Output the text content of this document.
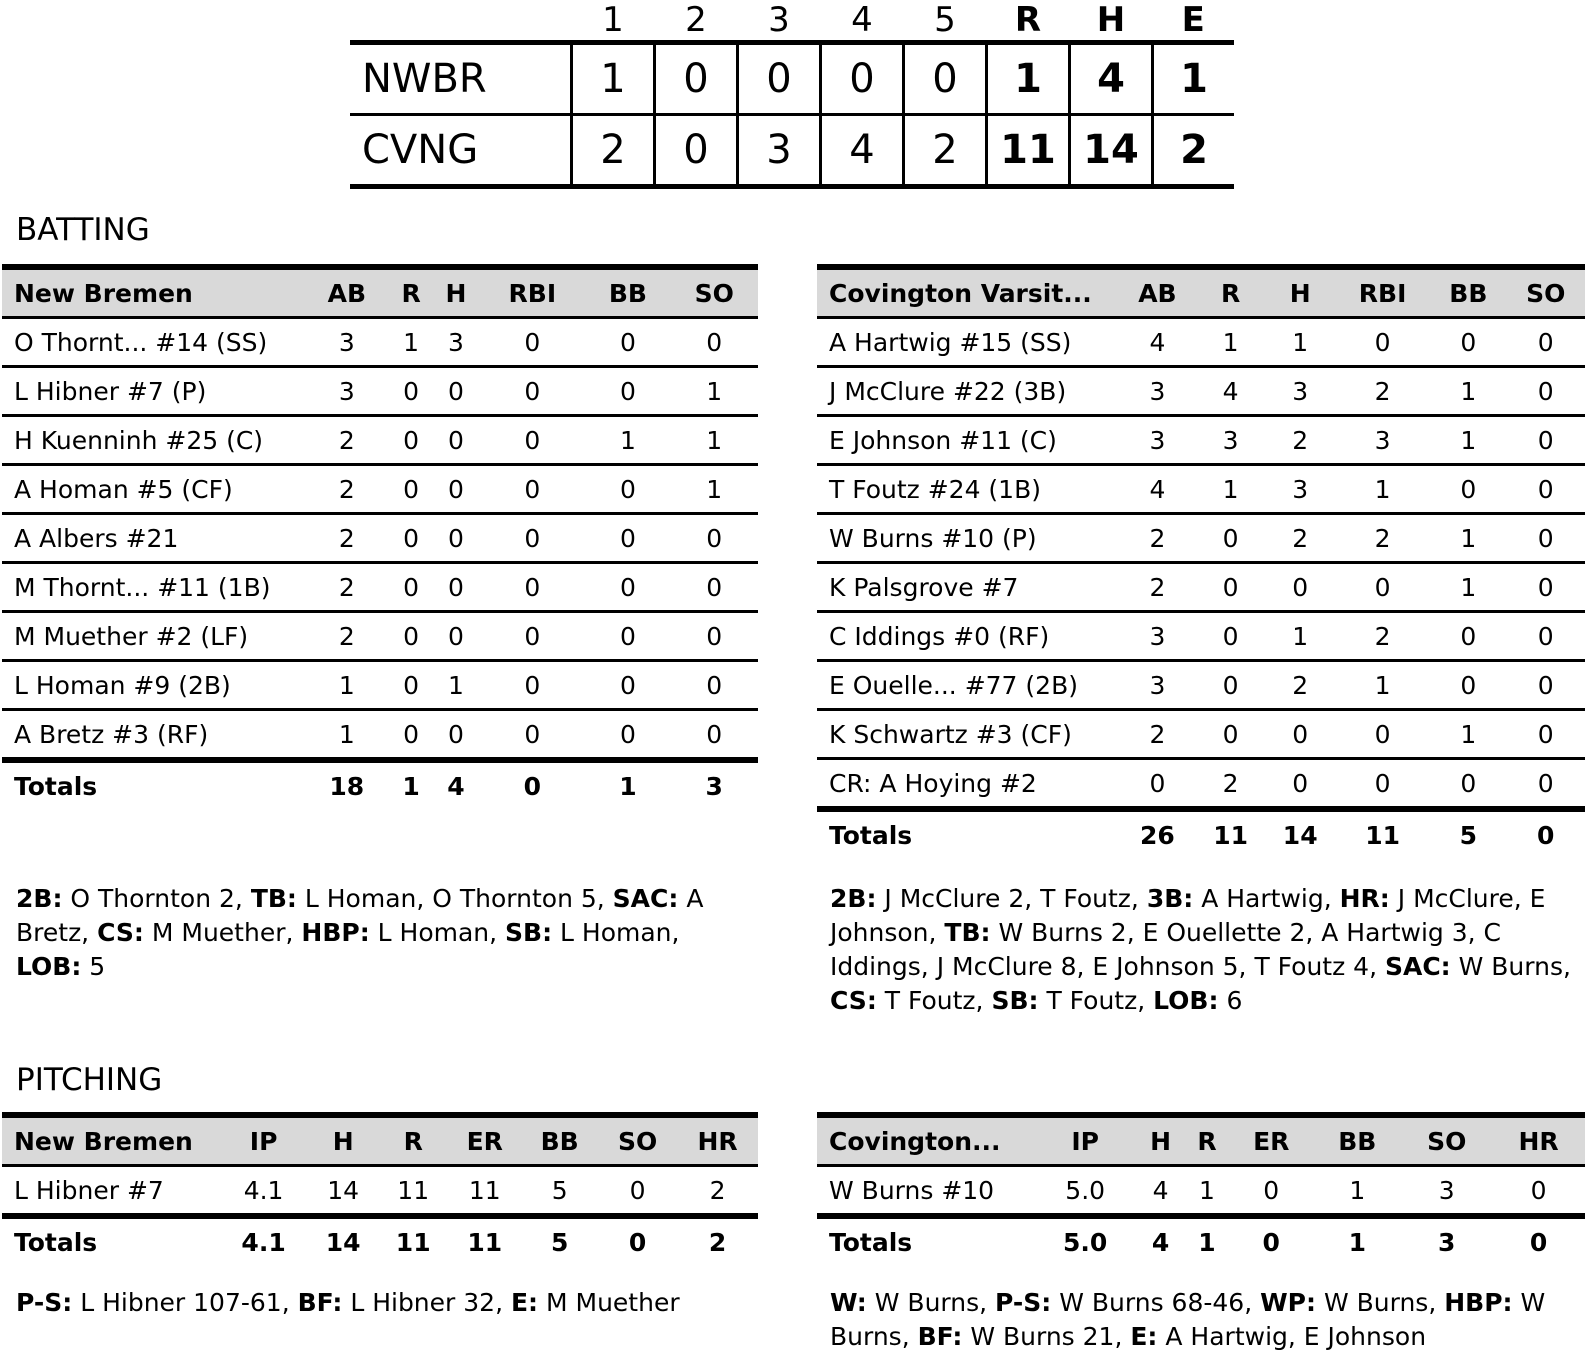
	1	2	3	4	5	R	H	E
NWBR	1	0	0	0	0	1	4	1
CVNG	2	0	3	4	2	11	14	2
BATTING
New Bremen	AB	R	H	RBI	BB	SO
O Thornt... #14 (SS)	3	1	3	0	0	0
L Hibner #7 (P)	3	0	0	0	0	1
H Kuenninh #25 (C)	2	0	0	0	1	1
A Homan #5 (CF)	2	0	0	0	0	1
A Albers #21	2	0	0	0	0	0
M Thornt... #11 (1B)	2	0	0	0	0	0
M Muether #2 (LF)	2	0	0	0	0	0
L Homan #9 (2B)	1	0	1	0	0	0
A Bretz #3 (RF)	1	0	0	0	0	0
Totals	18	1	4	0	1	3
Covington Varsit...	AB	R	H	RBI	BB	SO
A Hartwig #15 (SS)	4	1	1	0	0	0
J McClure #22 (3B)	3	4	3	2	1	0
E Johnson #11 (C)	3	3	2	3	1	0
T Foutz #24 (1B)	4	1	3	1	0	0
W Burns #10 (P)	2	0	2	2	1	0
K Palsgrove #7	2	0	0	0	1	0
C Iddings #0 (RF)	3	0	1	2	0	0
E Ouelle... #77 (2B)	3	0	2	1	0	0
K Schwartz #3 (CF)	2	0	0	0	1	0
CR: A Hoying #2	0	2	0	0	0	0
Totals	26	11	14	11	5	0
2B: O Thornton 2, TB: L Homan, O Thornton 5, SAC: A Bretz, CS: M Muether, HBP: L Homan, SB: L Homan, LOB: 5
2B: J McClure 2, T Foutz, 3B: A Hartwig, HR: J McClure, E Johnson, TB: W Burns 2, E Ouellette 2, A Hartwig 3, C Iddings, J McClure 8, E Johnson 5, T Foutz 4, SAC: W Burns, CS: T Foutz, SB: T Foutz, LOB: 6
PITCHING
New Bremen	IP	H	R	ER	BB	SO	HR
L Hibner #7	4.1	14	11	11	5	0	2
Totals	4.1	14	11	11	5	0	2
Covington...	IP	H	R	ER	BB	SO	HR
W Burns #10	5.0	4	1	0	1	3	0
Totals	5.0	4	1	0	1	3	0
P-S: L Hibner 107-61, BF: L Hibner 32, E: M Muether	W: W Burns, P-S: W Burns 68-46, WP: W Burns, HBP: W Burns, BF: W Burns 21, E: A Hartwig, E Johnson
